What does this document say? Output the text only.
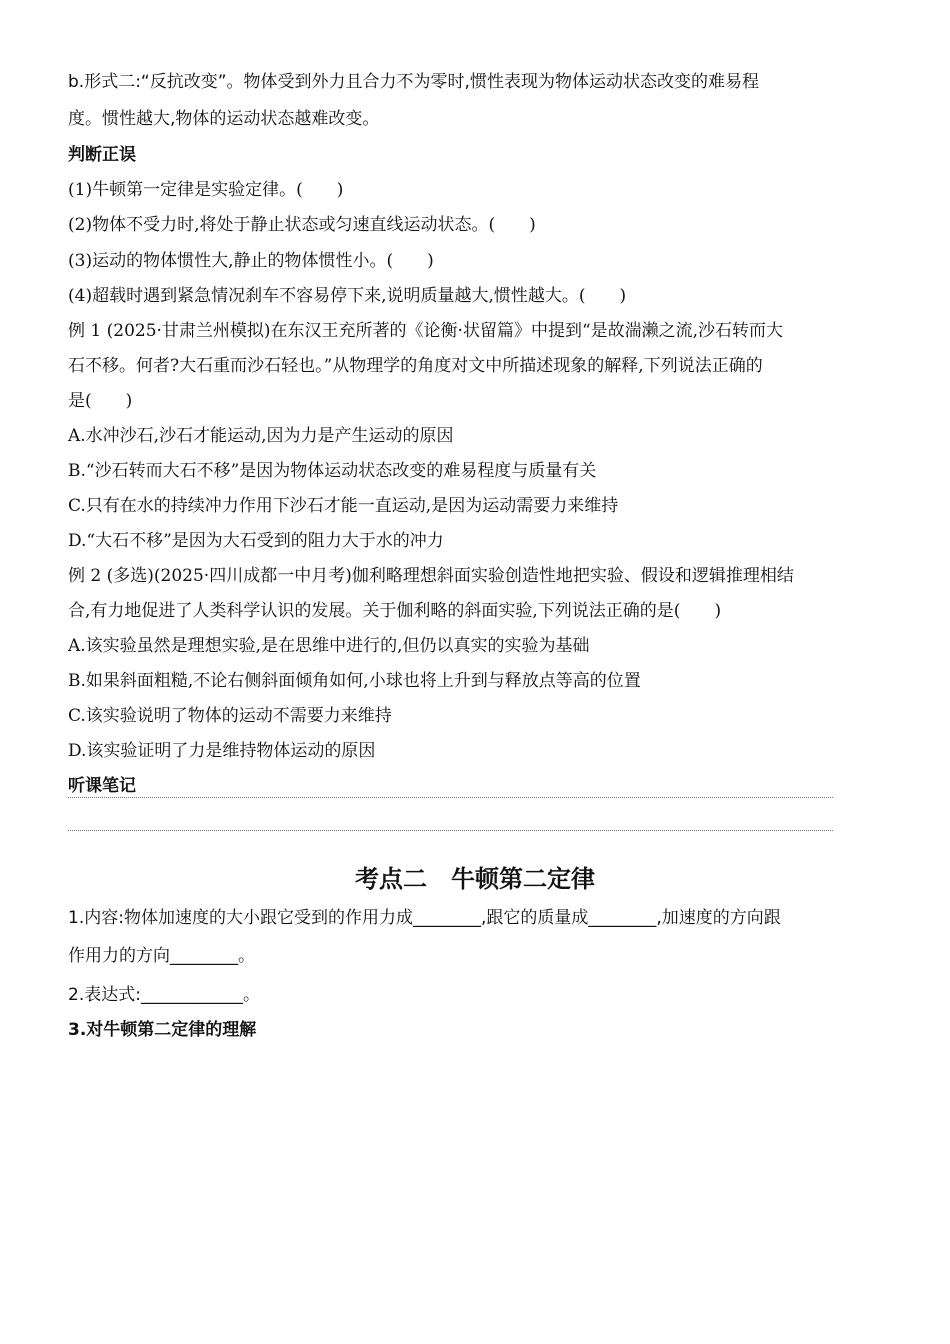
b.形式二:“反抗改变”。物体受到外力且合力不为零时,惯性表现为物体运动状态改变的难易程
度。惯性越大,物体的运动状态越难改变。
判断正误
(1)牛顿第一定律是实验定律。(　　)
(2)物体不受力时,将处于静止状态或匀速直线运动状态。(　　)
(3)运动的物体惯性大,静止的物体惯性小。(　　)
(4)超载时遇到紧急情况刹车不容易停下来,说明质量越大,惯性越大。(　　)
例 1 (2025·甘肃兰州模拟)在东汉王充所著的《论衡·状留篇》中提到“是故湍濑之流,沙石转而大
石不移。何者?大石重而沙石轻也。”从物理学的角度对文中所描述现象的解释,下列说法正确的
是(　　)
A.水冲沙石,沙石才能运动,因为力是产生运动的原因
B.“沙石转而大石不移”是因为物体运动状态改变的难易程度与质量有关
C.只有在水的持续冲力作用下沙石才能一直运动,是因为运动需要力来维持
D.“大石不移”是因为大石受到的阻力大于水的冲力
例 2 (多选)(2025·四川成都一中月考)伽利略理想斜面实验创造性地把实验、假设和逻辑推理相结
合,有力地促进了人类科学认识的发展。关于伽利略的斜面实验,下列说法正确的是(　　)
A.该实验虽然是理想实验,是在思维中进行的,但仍以真实的实验为基础
B.如果斜面粗糙,不论右侧斜面倾角如何,小球也将上升到与释放点等高的位置
C.该实验说明了物体的运动不需要力来维持
D.该实验证明了力是维持物体运动的原因
听课笔记
考点二　牛顿第二定律
1.内容:物体加速度的大小跟它受到的作用力成________,跟它的质量成________,加速度的方向跟
作用力的方向________。
2.表达式:____________。
3.对牛顿第二定律的理解
